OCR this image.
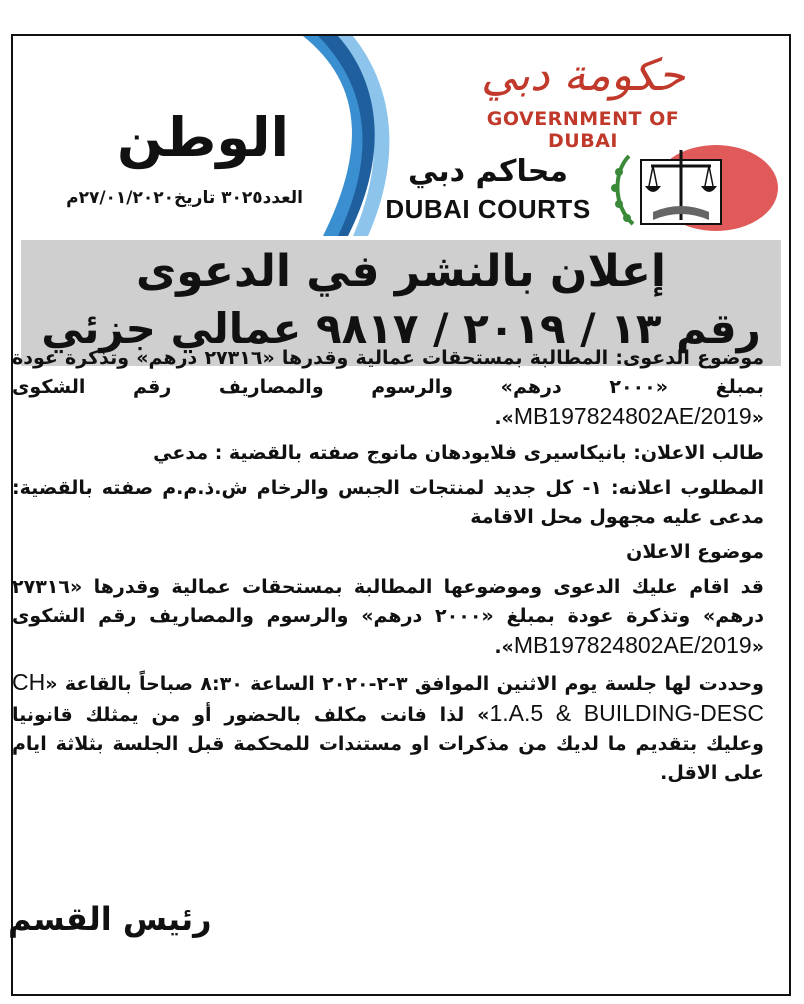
الوطن
العدد٣٠٢٥ تاريخ٢٧/٠١/٢٠٢٠م
حكومة دبي
GOVERNMENT OF DUBAI
محاكم دبي
DUBAI COURTS
إعلان بالنشر في الدعوى
رقم ١٣ / ٢٠١٩ / ٩٨١٧ عمالي جزئي

موضوع الدعوى: المطالبة بمستحقات عمالية وقدرها «٢٧٣١٦ درهم» وتذكرة عودة بمبلغ «٢٠٠٠ درهم» والرسوم والمصاريف رقم الشكوى «MB197824802AE/2019».

طالب الاعلان: بانيكاسيرى فلايودهان مانوج صفته بالقضية : مدعي

المطلوب اعلانه: ١- كل جديد لمنتجات الجبس والرخام ش.ذ.م.م صفته بالقضية: مدعى عليه مجهول محل الاقامة

موضوع الاعلان

قد اقام عليك الدعوى وموضوعها المطالبة بمستحقات عمالية وقدرها «٢٧٣١٦ درهم» وتذكرة عودة بمبلغ «٢٠٠٠ درهم» والرسوم والمصاريف رقم الشكوى «MB197824802AE/2019».

وحددت لها جلسة يوم الاثنين الموافق ٣-٢-٢٠٢٠ الساعة ٨:٣٠ صباحاً بالقاعة «CH 1.A.5 & BUILDING-DESC» لذا فانت مكلف بالحضور أو من يمثلك قانونيا وعليك بتقديم ما لديك من مذكرات او مستندات للمحكمة قبل الجلسة بثلاثة ايام على الاقل.

رئيس القسم
